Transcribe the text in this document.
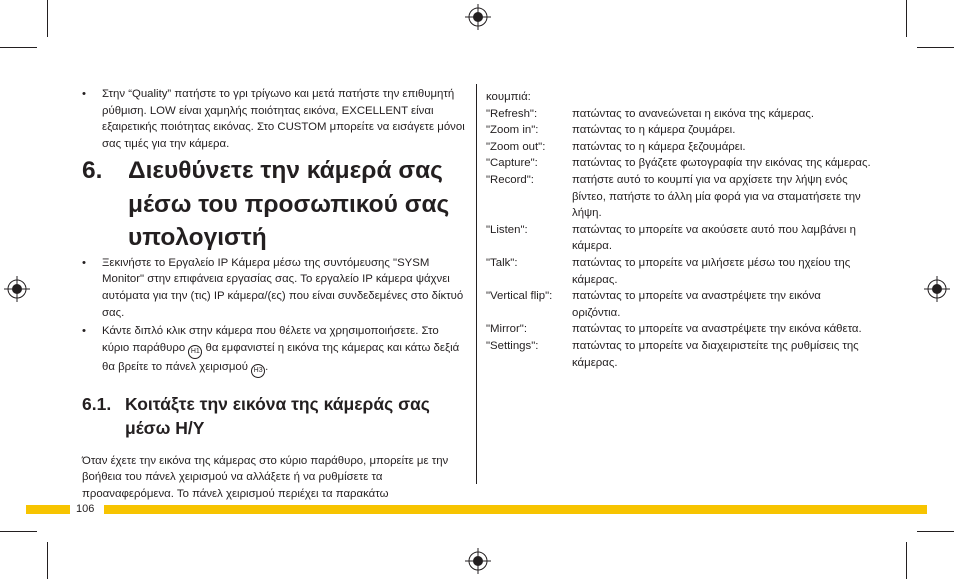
• Στην “Quality” πατήστε το γρι τρίγωνο και μετά πατήστε την επιθυμητή ρύθμιση. LOW είναι χαμηλής ποιότητας εικόνα, EXCELLENT είναι εξαιρετικής ποιότητας εικόνας. Στο CUSTOM μπορείτε να εισάγετε μόνοι σας τιμές για την κάμερα.

6. Διευθύνετε την κάμερά σας μέσω του προσωπικού σας υπολογιστή

• Ξεκινήστε το Εργαλείο IP Κάμερα μέσω της συντόμευσης "SYSM Monitor" στην επιφάνεια εργασίας σας. Το εργαλείο IP κάμερα ψάχνει αυτόματα για την (τις) IP κάμερα/(ες) που είναι συνδεδεμένες στο δίκτυό σας.

• Κάντε διπλό κλικ στην κάμερα που θέλετε να χρησιμοποιήσετε. Στο κύριο παράθυρο H1 θα εμφανιστεί η εικόνα της κάμερας και κάτω δεξιά θα βρείτε το πάνελ χειρισμού H3 .

6.1. Κοιτάξτε την εικόνα της κάμεράς σας μέσω Η/Υ

Όταν έχετε την εικόνα της κάμερας στο κύριο παράθυρο, μπορείτε με την βοήθεια του πάνελ χειρισμού να αλλάξετε ή να ρυθμίσετε τα προαναφερόμενα. Το πάνελ χειρισμού περιέχει τα παρακάτω

κουμπιά:
"Refresh":	πατώντας το ανανεώνεται η εικόνα της κάμερας.
"Zoom in":	πατώντας το η κάμερα ζουμάρει.
"Zoom out":	πατώντας το η κάμερα ξεζουμάρει.
"Capture":	πατώντας το βγάζετε φωτογραφία την εικόνας της κάμερας.
"Record":	πατήστε αυτό το κουμπί για να αρχίσετε την λήψη ενός βίντεο, πατήστε το άλλη μία φορά για να σταματήσετε την λήψη.
"Listen":	πατώντας το μπορείτε να ακούσετε αυτό που λαμβάνει η κάμερα.
"Talk":	πατώντας το μπορείτε να μιλήσετε μέσω του ηχείου της κάμερας.
"Vertical flip":	πατώντας το μπορείτε να αναστρέψετε την εικόνα οριζόντια.
"Mirror":	πατώντας το μπορείτε να αναστρέψετε την εικόνα κάθετα.
"Settings":	πατώντας το μπορείτε να διαχειριστείτε της ρυθμίσεις της κάμερας.
106
